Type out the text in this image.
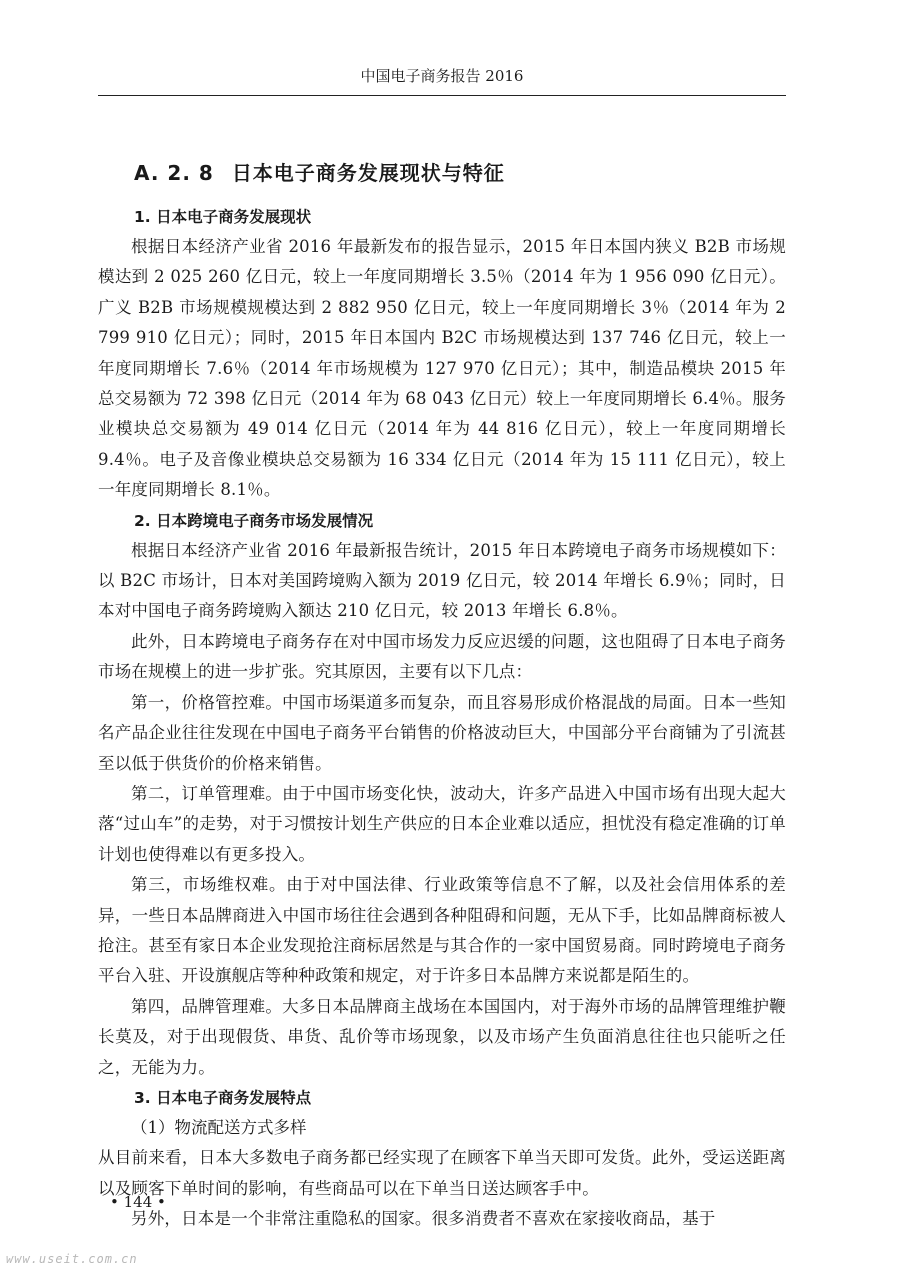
中国电子商务报告 2016
A. 2. 8 日本电子商务发展现状与特征
1. 日本电子商务发展现状

根据日本经济产业省 2016 年最新发布的报告显示，2015 年日本国内狭义 B2B 市场规模达到 2 025 260 亿日元，较上一年度同期增长 3.5％（2014 年为 1 956 090 亿日元）。广义 B2B 市场规模规模达到 2 882 950 亿日元，较上一年度同期增长 3％（2014 年为 2 799 910 亿日元）；同时，2015 年日本国内 B2C 市场规模达到 137 746 亿日元，较上一年度同期增长 7.6％（2014 年市场规模为 127 970 亿日元）；其中，制造品模块 2015 年总交易额为 72 398 亿日元（2014 年为 68 043 亿日元）较上一年度同期增长 6.4％。服务业模块总交易额为 49 014 亿日元（2014 年为 44 816 亿日元），较上一年度同期增长 9.4％。电子及音像业模块总交易额为 16 334 亿日元（2014 年为 15 111 亿日元），较上一年度同期增长 8.1％。

2. 日本跨境电子商务市场发展情况

根据日本经济产业省 2016 年最新报告统计，2015 年日本跨境电子商务市场规模如下：以 B2C 市场计，日本对美国跨境购入额为 2019 亿日元，较 2014 年增长 6.9％；同时，日本对中国电子商务跨境购入额达 210 亿日元，较 2013 年增长 6.8％。

此外，日本跨境电子商务存在对中国市场发力反应迟缓的问题，这也阻碍了日本电子商务市场在规模上的进一步扩张。究其原因，主要有以下几点：

第一，价格管控难。中国市场渠道多而复杂，而且容易形成价格混战的局面。日本一些知名产品企业往往发现在中国电子商务平台销售的价格波动巨大，中国部分平台商铺为了引流甚至以低于供货价的价格来销售。

第二，订单管理难。由于中国市场变化快，波动大，许多产品进入中国市场有出现大起大落“过山车”的走势，对于习惯按计划生产供应的日本企业难以适应，担忧没有稳定准确的订单计划也使得难以有更多投入。

第三，市场维权难。由于对中国法律、行业政策等信息不了解，以及社会信用体系的差异，一些日本品牌商进入中国市场往往会遇到各种阻碍和问题，无从下手，比如品牌商标被人抢注。甚至有家日本企业发现抢注商标居然是与其合作的一家中国贸易商。同时跨境电子商务平台入驻、开设旗舰店等种种政策和规定，对于许多日本品牌方来说都是陌生的。

第四，品牌管理难。大多日本品牌商主战场在本国国内，对于海外市场的品牌管理维护鞭长莫及，对于出现假货、串货、乱价等市场现象，以及市场产生负面消息往往也只能听之任之，无能为力。

3. 日本电子商务发展特点
（1）物流配送方式多样

从目前来看，日本大多数电子商务都已经实现了在顾客下单当天即可发货。此外，受运送距离以及顾客下单时间的影响，有些商品可以在下单当日送达顾客手中。

另外，日本是一个非常注重隐私的国家。很多消费者不喜欢在家接收商品，基于

• 144 •
www.useit.com.cn
